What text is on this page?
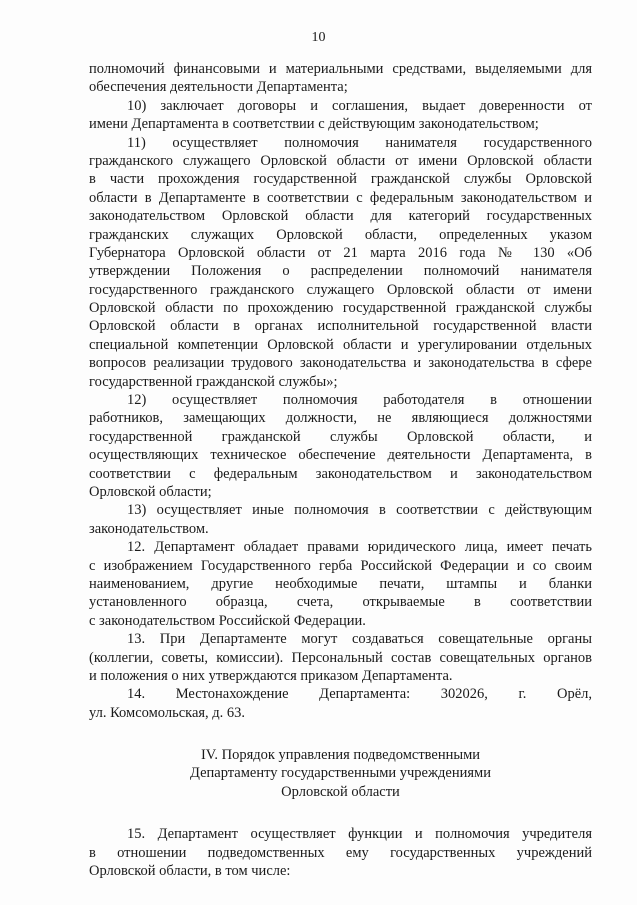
10
полномочий финансовыми и материальными средствами, выделяемыми для
обеспечения деятельности Департамента;
10) заключает договоры и соглашения, выдает доверенности от
имени Департамента в соответствии с действующим законодательством;
11) осуществляет полномочия нанимателя государственного
гражданского служащего Орловской области от имени Орловской области
в части прохождения государственной гражданской службы Орловской
области в Департаменте в соответствии с федеральным законодательством и
законодательством Орловской области для категорий государственных
гражданских служащих Орловской области, определенных указом
Губернатора Орловской области от 21 марта 2016 года № 130 «Об
утверждении Положения о распределении полномочий нанимателя
государственного гражданского служащего Орловской области от имени
Орловской области по прохождению государственной гражданской службы
Орловской области в органах исполнительной государственной власти
специальной компетенции Орловской области и урегулировании отдельных
вопросов реализации трудового законодательства и законодательства в сфере
государственной гражданской службы»;
12) осуществляет полномочия работодателя в отношении
работников, замещающих должности, не являющиеся должностями
государственной гражданской службы Орловской области, и
осуществляющих техническое обеспечение деятельности Департамента, в
соответствии с федеральным законодательством и законодательством
Орловской области;
13) осуществляет иные полномочия в соответствии с действующим
законодательством.
12. Департамент обладает правами юридического лица, имеет печать
с изображением Государственного герба Российской Федерации и со своим
наименованием, другие необходимые печати, штампы и бланки
установленного образца, счета, открываемые в соответствии
с законодательством Российской Федерации.
13. При Департаменте могут создаваться совещательные органы
(коллегии, советы, комиссии). Персональный состав совещательных органов
и положения о них утверждаются приказом Департамента.
14. Местонахождение Департамента: 302026, г. Орёл,
ул. Комсомольская, д. 63.
IV. Порядок управления подведомственными
Департаменту государственными учреждениями
Орловской области
15. Департамент осуществляет функции и полномочия учредителя
в отношении подведомственных ему государственных учреждений
Орловской области, в том числе:
